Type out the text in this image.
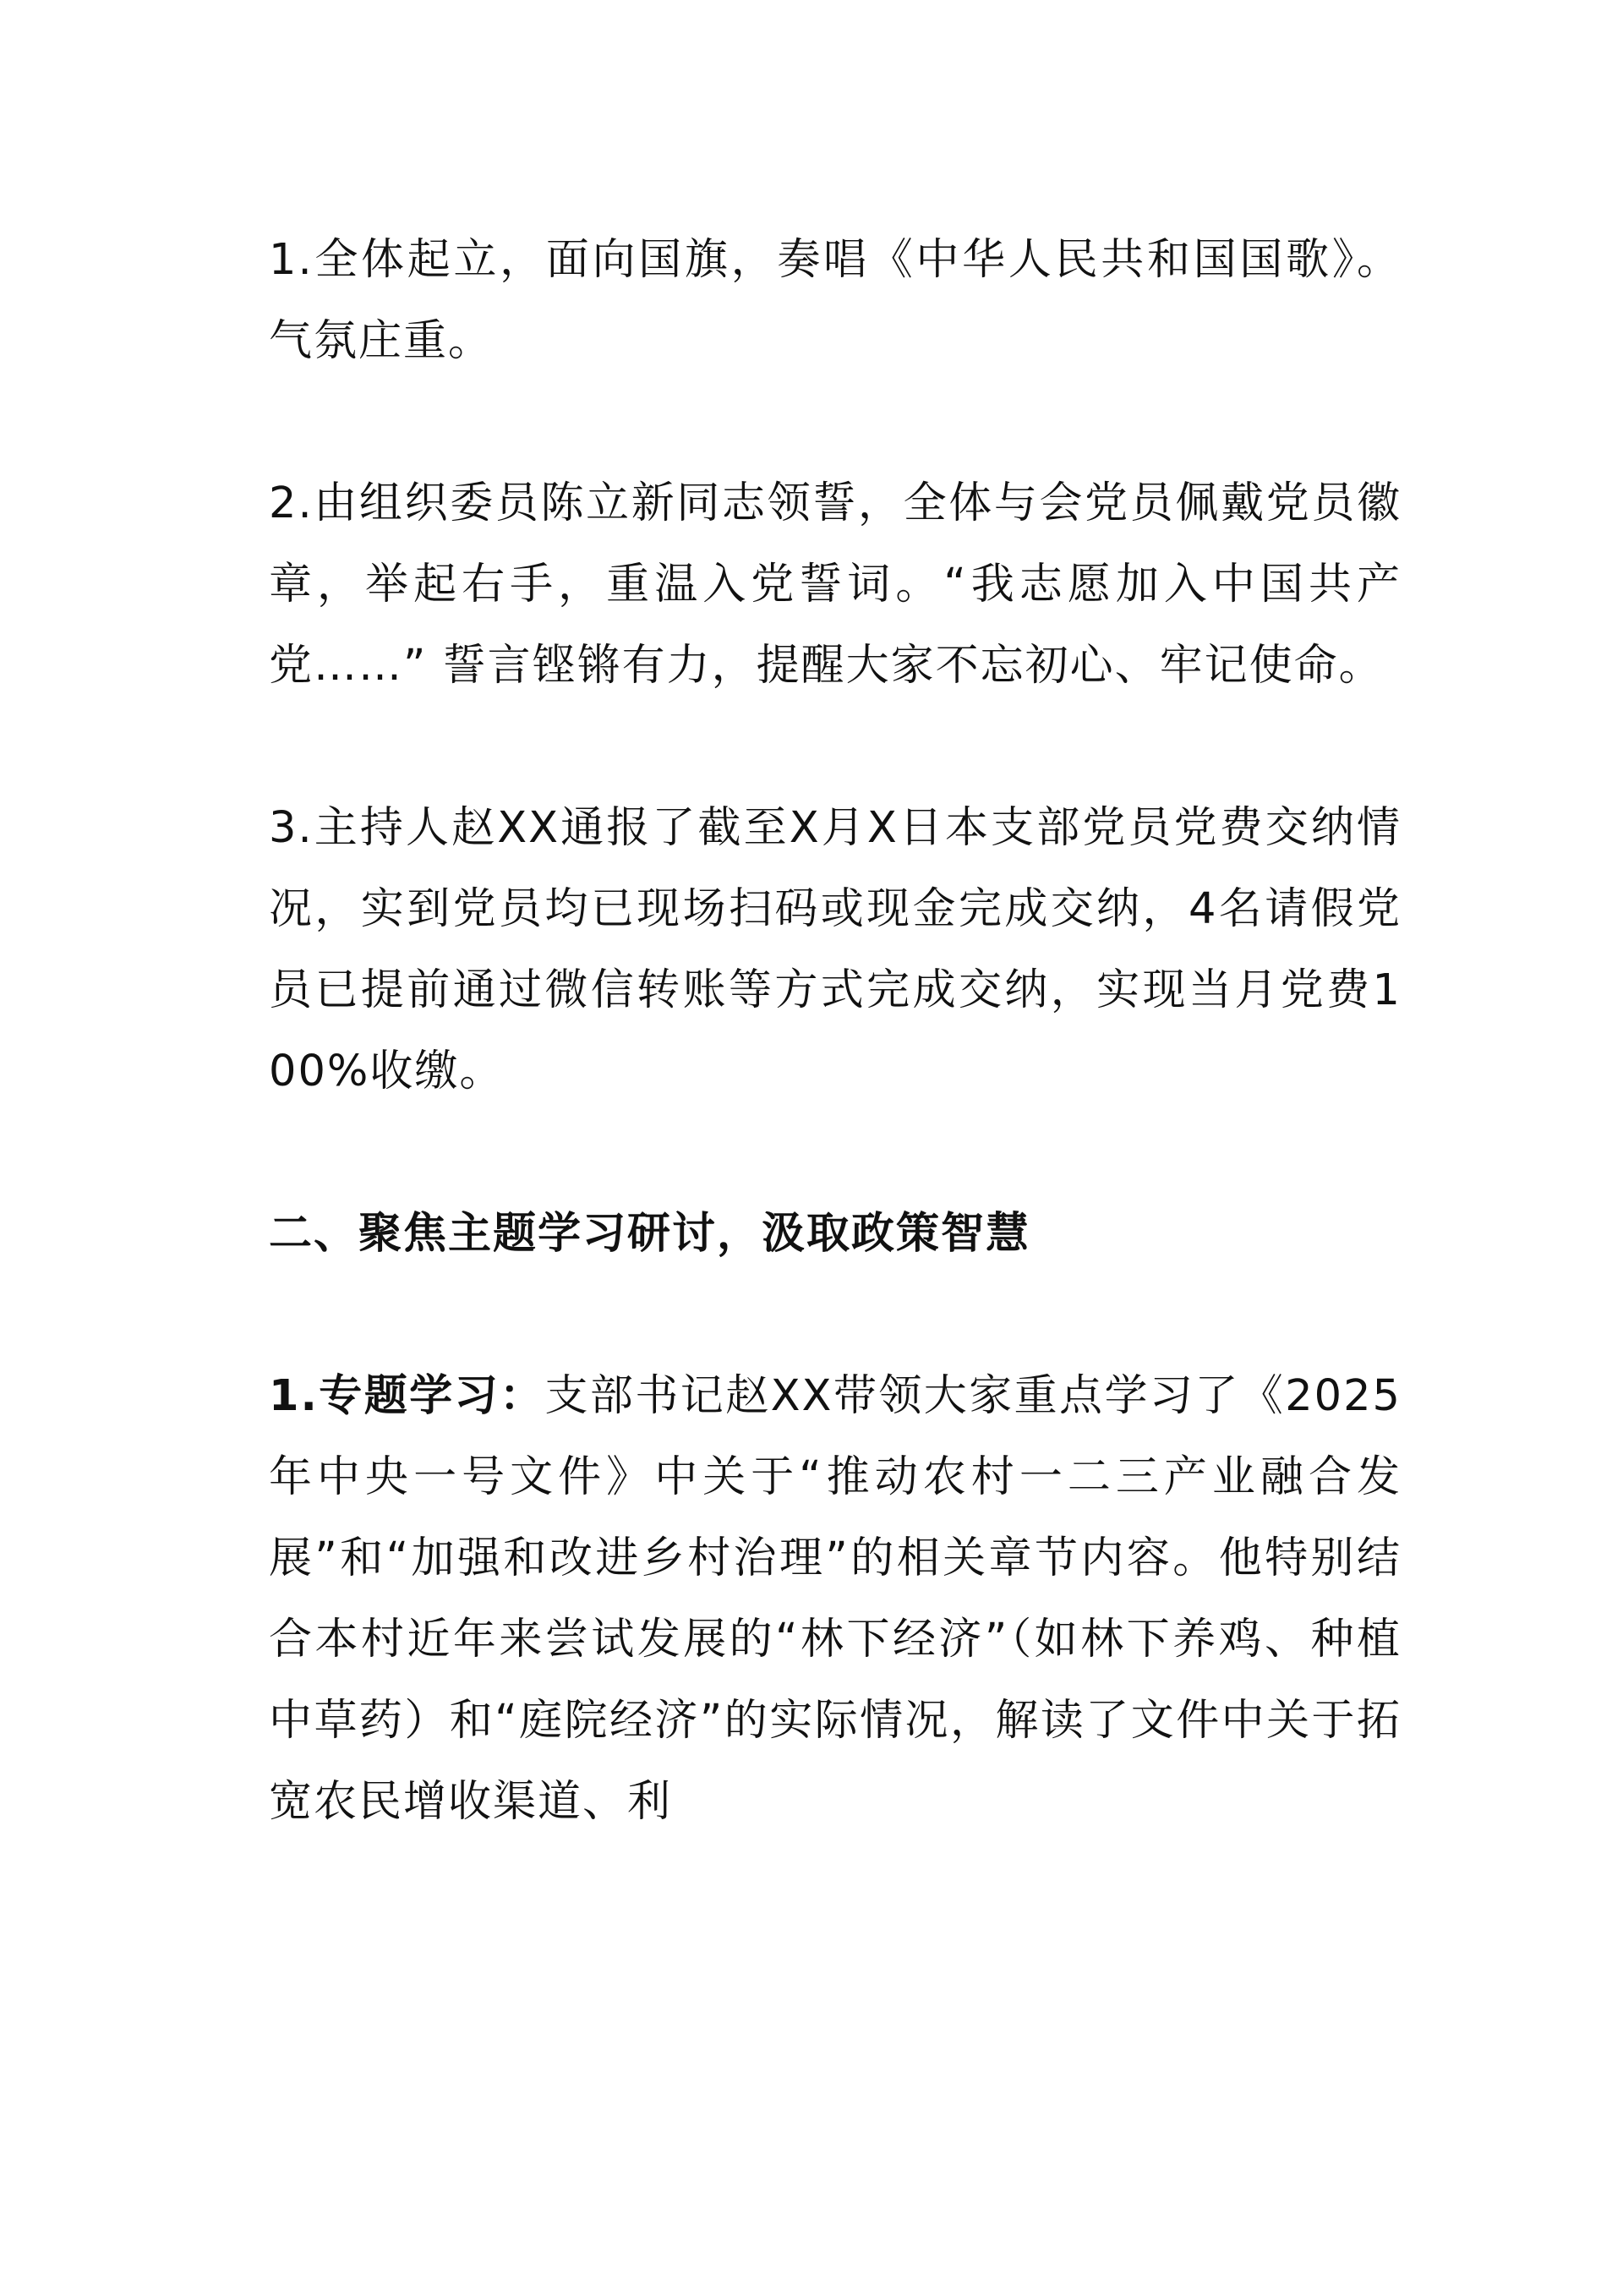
1.全体起立，面向国旗，奏唱《中华人民共和国国歌》。气氛庄重。

2.由组织委员陈立新同志领誓，全体与会党员佩戴党员徽章，举起右手，重温入党誓词。“我志愿加入中国共产党……” 誓言铿锵有力，提醒大家不忘初心、牢记使命。

3.主持人赵XX通报了截至X月X日本支部党员党费交纳情况，实到党员均已现场扫码或现金完成交纳，4名请假党员已提前通过微信转账等方式完成交纳，实现当月党费100%收缴。

二、聚焦主题学习研讨，汲取政策智慧

1.专题学习：支部书记赵XX带领大家重点学习了《2025年中央一号文件》中关于“推动农村一二三产业融合发展”和“加强和改进乡村治理”的相关章节内容。他特别结合本村近年来尝试发展的“林下经济”（如林下养鸡、种植中草药）和“庭院经济”的实际情况，解读了文件中关于拓宽农民增收渠道、利
